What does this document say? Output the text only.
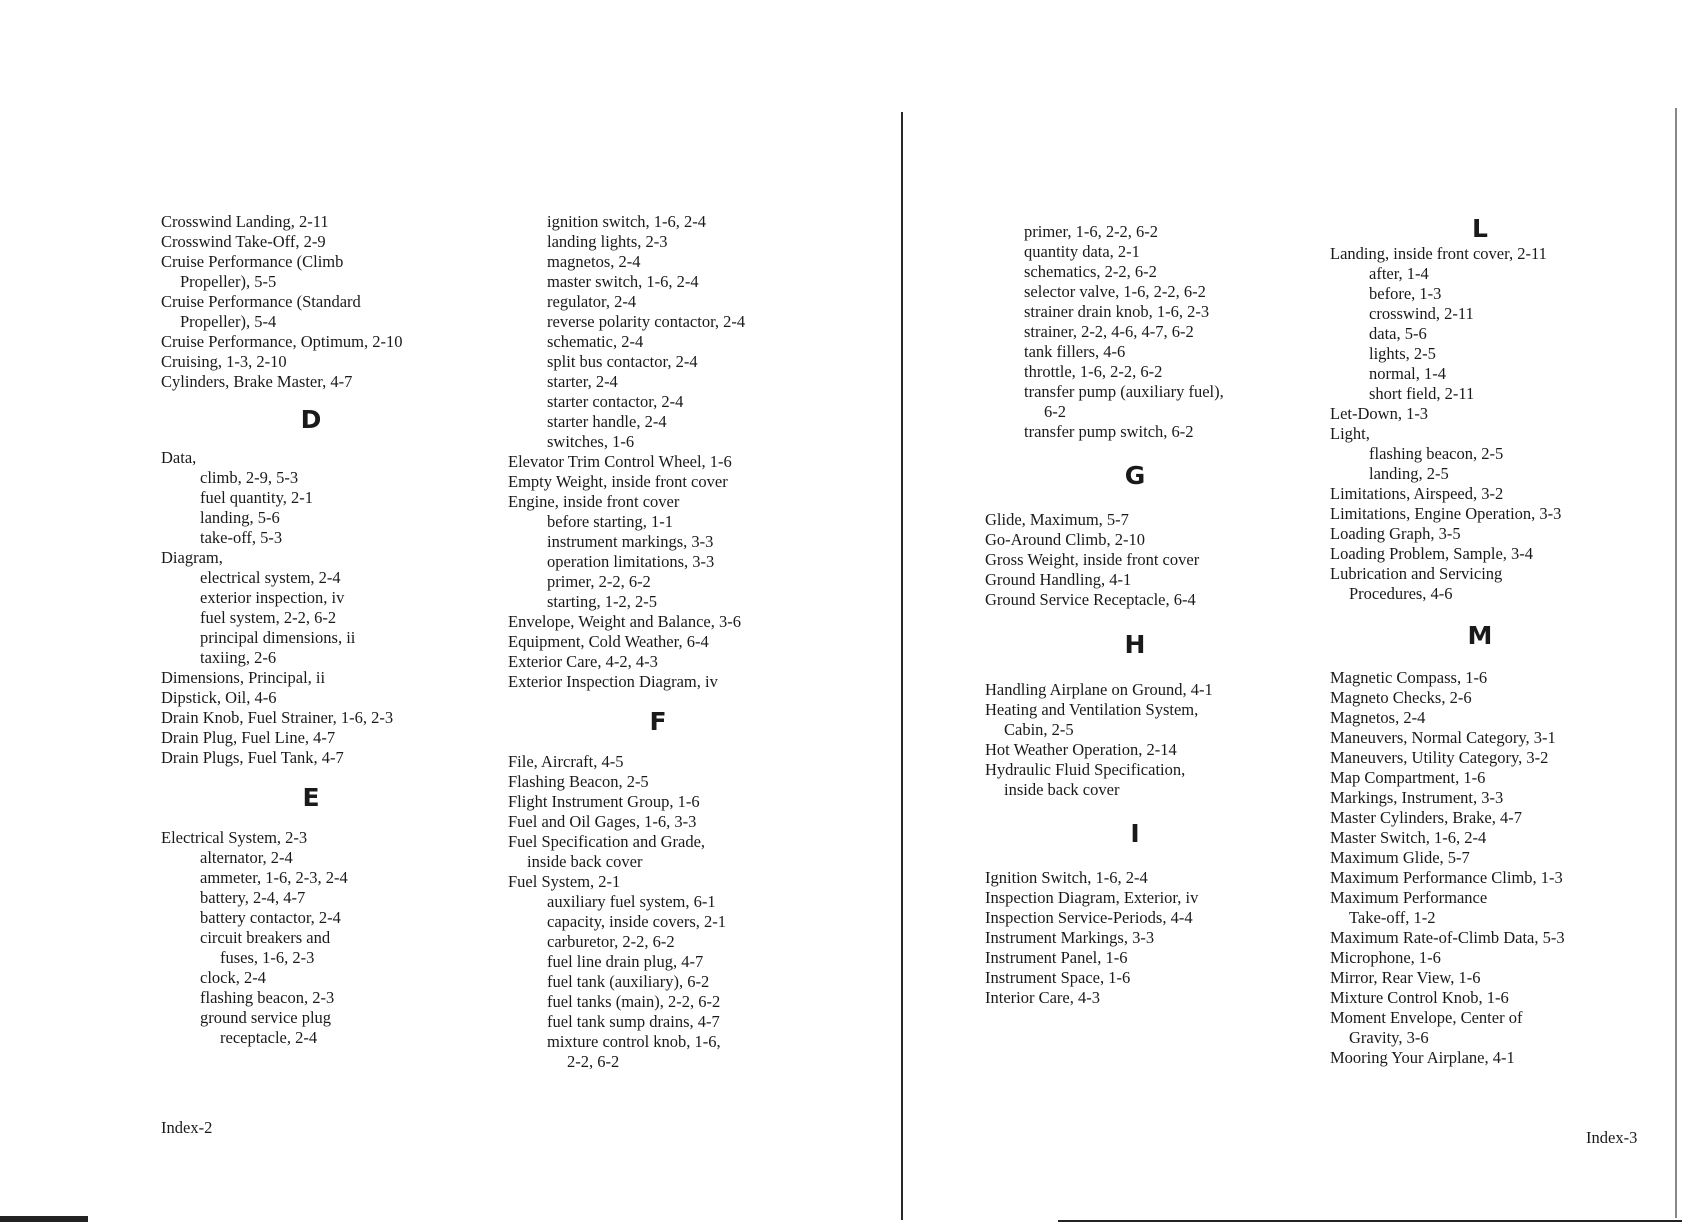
Crosswind Landing, 2-11
Crosswind Take-Off, 2-9
Cruise Performance (Climb
Propeller), 5-5
Cruise Performance (Standard
Propeller), 5-4
Cruise Performance, Optimum, 2-10
Cruising, 1-3, 2-10
Cylinders, Brake Master, 4-7
D
Data,
climb, 2-9, 5-3
fuel quantity, 2-1
landing, 5-6
take-off, 5-3
Diagram,
electrical system, 2-4
exterior inspection, iv
fuel system, 2-2, 6-2
principal dimensions, ii
taxiing, 2-6
Dimensions, Principal, ii
Dipstick, Oil, 4-6
Drain Knob, Fuel Strainer, 1-6, 2-3
Drain Plug, Fuel Line, 4-7
Drain Plugs, Fuel Tank, 4-7
E
Electrical System, 2-3
alternator, 2-4
ammeter, 1-6, 2-3, 2-4
battery, 2-4, 4-7
battery contactor, 2-4
circuit breakers and
fuses, 1-6, 2-3
clock, 2-4
flashing beacon, 2-3
ground service plug
receptacle, 2-4
ignition switch, 1-6, 2-4
landing lights, 2-3
magnetos, 2-4
master switch, 1-6, 2-4
regulator, 2-4
reverse polarity contactor, 2-4
schematic, 2-4
split bus contactor, 2-4
starter, 2-4
starter contactor, 2-4
starter handle, 2-4
switches, 1-6
Elevator Trim Control Wheel, 1-6
Empty Weight, inside front cover
Engine, inside front cover
before starting, 1-1
instrument markings, 3-3
operation limitations, 3-3
primer, 2-2, 6-2
starting, 1-2, 2-5
Envelope, Weight and Balance, 3-6
Equipment, Cold Weather, 6-4
Exterior Care, 4-2, 4-3
Exterior Inspection Diagram, iv
F
File, Aircraft, 4-5
Flashing Beacon, 2-5
Flight Instrument Group, 1-6
Fuel and Oil Gages, 1-6, 3-3
Fuel Specification and Grade,
inside back cover
Fuel System, 2-1
auxiliary fuel system, 6-1
capacity, inside covers, 2-1
carburetor, 2-2, 6-2
fuel line drain plug, 4-7
fuel tank (auxiliary), 6-2
fuel tanks (main), 2-2, 6-2
fuel tank sump drains, 4-7
mixture control knob, 1-6,
2-2, 6-2
Index-2
primer, 1-6, 2-2, 6-2
quantity data, 2-1
schematics, 2-2, 6-2
selector valve, 1-6, 2-2, 6-2
strainer drain knob, 1-6, 2-3
strainer, 2-2, 4-6, 4-7, 6-2
tank fillers, 4-6
throttle, 1-6, 2-2, 6-2
transfer pump (auxiliary fuel),
6-2
transfer pump switch, 6-2
G
Glide, Maximum, 5-7
Go-Around Climb, 2-10
Gross Weight, inside front cover
Ground Handling, 4-1
Ground Service Receptacle, 6-4
H
Handling Airplane on Ground, 4-1
Heating and Ventilation System,
Cabin, 2-5
Hot Weather Operation, 2-14
Hydraulic Fluid Specification,
inside back cover
I
Ignition Switch, 1-6, 2-4
Inspection Diagram, Exterior, iv
Inspection Service-Periods, 4-4
Instrument Markings, 3-3
Instrument Panel, 1-6
Instrument Space, 1-6
Interior Care, 4-3
L
Landing, inside front cover, 2-11
after, 1-4
before, 1-3
crosswind, 2-11
data, 5-6
lights, 2-5
normal, 1-4
short field, 2-11
Let-Down, 1-3
Light,
flashing beacon, 2-5
landing, 2-5
Limitations, Airspeed, 3-2
Limitations, Engine Operation, 3-3
Loading Graph, 3-5
Loading Problem, Sample, 3-4
Lubrication and Servicing
Procedures, 4-6
M
Magnetic Compass, 1-6
Magneto Checks, 2-6
Magnetos, 2-4
Maneuvers, Normal Category, 3-1
Maneuvers, Utility Category, 3-2
Map Compartment, 1-6
Markings, Instrument, 3-3
Master Cylinders, Brake, 4-7
Master Switch, 1-6, 2-4
Maximum Glide, 5-7
Maximum Performance Climb, 1-3
Maximum Performance
Take-off, 1-2
Maximum Rate-of-Climb Data, 5-3
Microphone, 1-6
Mirror, Rear View, 1-6
Mixture Control Knob, 1-6
Moment Envelope, Center of
Gravity, 3-6
Mooring Your Airplane, 4-1
Index-3
